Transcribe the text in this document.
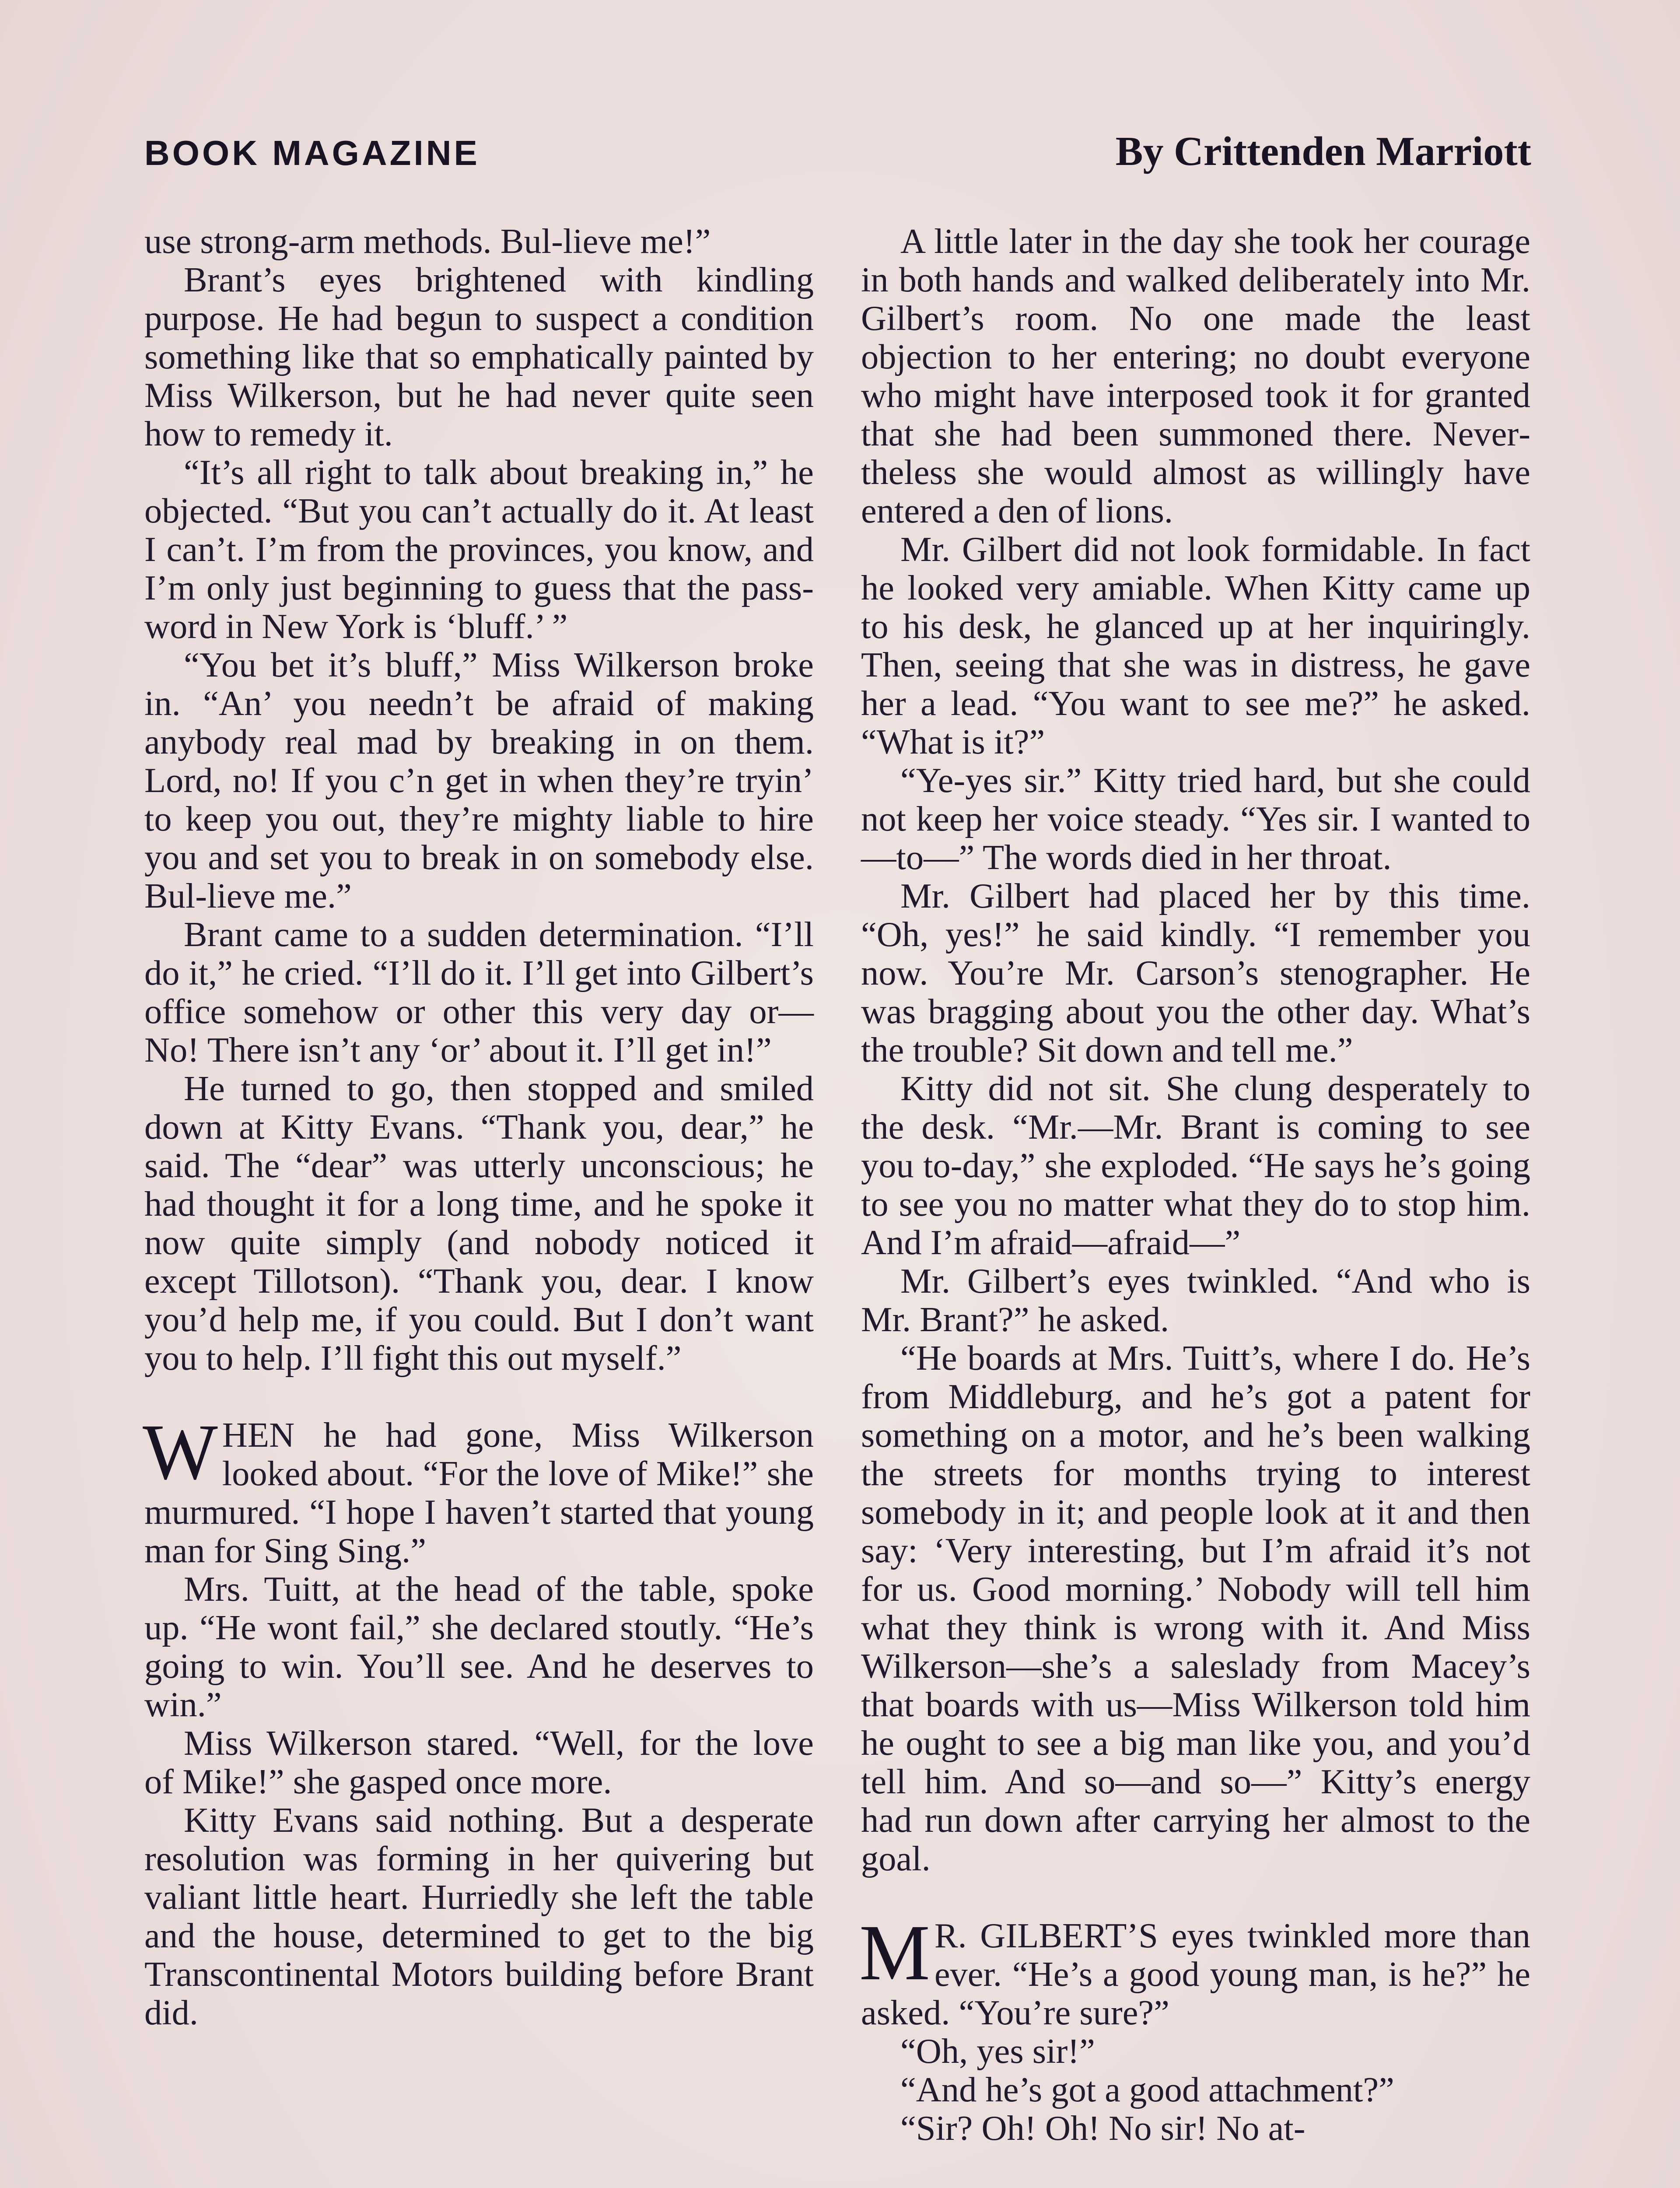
BOOK MAGAZINE	By Crittenden Marriott

use strong-arm methods. Bul-lieve me!”

Brant’s eyes brightened with kindling purpose. He had begun to suspect a condition something like that so emphatically painted by Miss Wilkerson, but he had never quite seen how to remedy it.

“It’s all right to talk about breaking in,” he objected. “But you can’t actually do it. At least I can’t. I’m from the provinces, you know, and I’m only just beginning to guess that the password in New York is ‘bluff.’ ”

“You bet it’s bluff,” Miss Wilkerson broke in. “An’ you needn’t be afraid of making anybody real mad by breaking in on them. Lord, no! If you c’n get in when they’re tryin’ to keep you out, they’re mighty liable to hire you and set you to break in on somebody else. Bul-lieve me.”

Brant came to a sudden determination. “I’ll do it,” he cried. “I’ll do it. I’ll get into Gilbert’s office somehow or other this very day or— No! There isn’t any ‘or’ about it. I’ll get in!”

He turned to go, then stopped and smiled down at Kitty Evans. “Thank you, dear,” he said. The “dear” was utterly unconscious; he had thought it for a long time, and he spoke it now quite simply (and nobody noticed it except Tillotson). “Thank you, dear. I know you’d help me, if you could. But I don’t want you to help. I’ll fight this out myself.”

WHEN he had gone, Miss Wilkerson looked about. “For the love of Mike!” she murmured. “I hope I haven’t started that young man for Sing Sing.”

Mrs. Tuitt, at the head of the table, spoke up. “He wont fail,” she declared stoutly. “He’s going to win. You’ll see. And he deserves to win.”

Miss Wilkerson stared. “Well, for the love of Mike!” she gasped once more.

Kitty Evans said nothing. But a desperate resolution was forming in her quivering but valiant little heart. Hurriedly she left the table and the house, determined to get to the big Transcontinental Motors building before Brant did.

A little later in the day she took her courage in both hands and walked deliberately into Mr. Gilbert’s room. No one made the least objection to her entering; no doubt everyone who might have interposed took it for granted that she had been summoned there. Nevertheless she would almost as willingly have entered a den of lions.

Mr. Gilbert did not look formidable. In fact he looked very amiable. When Kitty came up to his desk, he glanced up at her inquiringly. Then, seeing that she was in distress, he gave her a lead. “You want to see me?” he asked. “What is it?”

“Ye-yes sir.” Kitty tried hard, but she could not keep her voice steady. “Yes sir. I wanted to—to—” The words died in her throat.

Mr. Gilbert had placed her by this time. “Oh, yes!” he said kindly. “I remember you now. You’re Mr. Carson’s stenographer. He was bragging about you the other day. What’s the trouble? Sit down and tell me.”

Kitty did not sit. She clung desperately to the desk. “Mr.—Mr. Brant is coming to see you to-day,” she exploded. “He says he’s going to see you no matter what they do to stop him. And I’m afraid—afraid—”

Mr. Gilbert’s eyes twinkled. “And who is Mr. Brant?” he asked.

“He boards at Mrs. Tuitt’s, where I do. He’s from Middleburg, and he’s got a patent for something on a motor, and he’s been walking the streets for months trying to interest somebody in it; and people look at it and then say: ‘Very interesting, but I’m afraid it’s not for us. Good morning.’ Nobody will tell him what they think is wrong with it. And Miss Wilkerson—she’s a saleslady from Macey’s that boards with us—Miss Wilkerson told him he ought to see a big man like you, and you’d tell him. And so—and so—” Kitty’s energy had run down after carrying her almost to the goal.

M R. GILBERT’S eyes twinkled more than ever. “He’s a good young man, is he?” he asked. “You’re sure?”

“Oh, yes sir!”

“And he’s got a good attachment?”

“Sir? Oh! Oh! No sir! No at-
